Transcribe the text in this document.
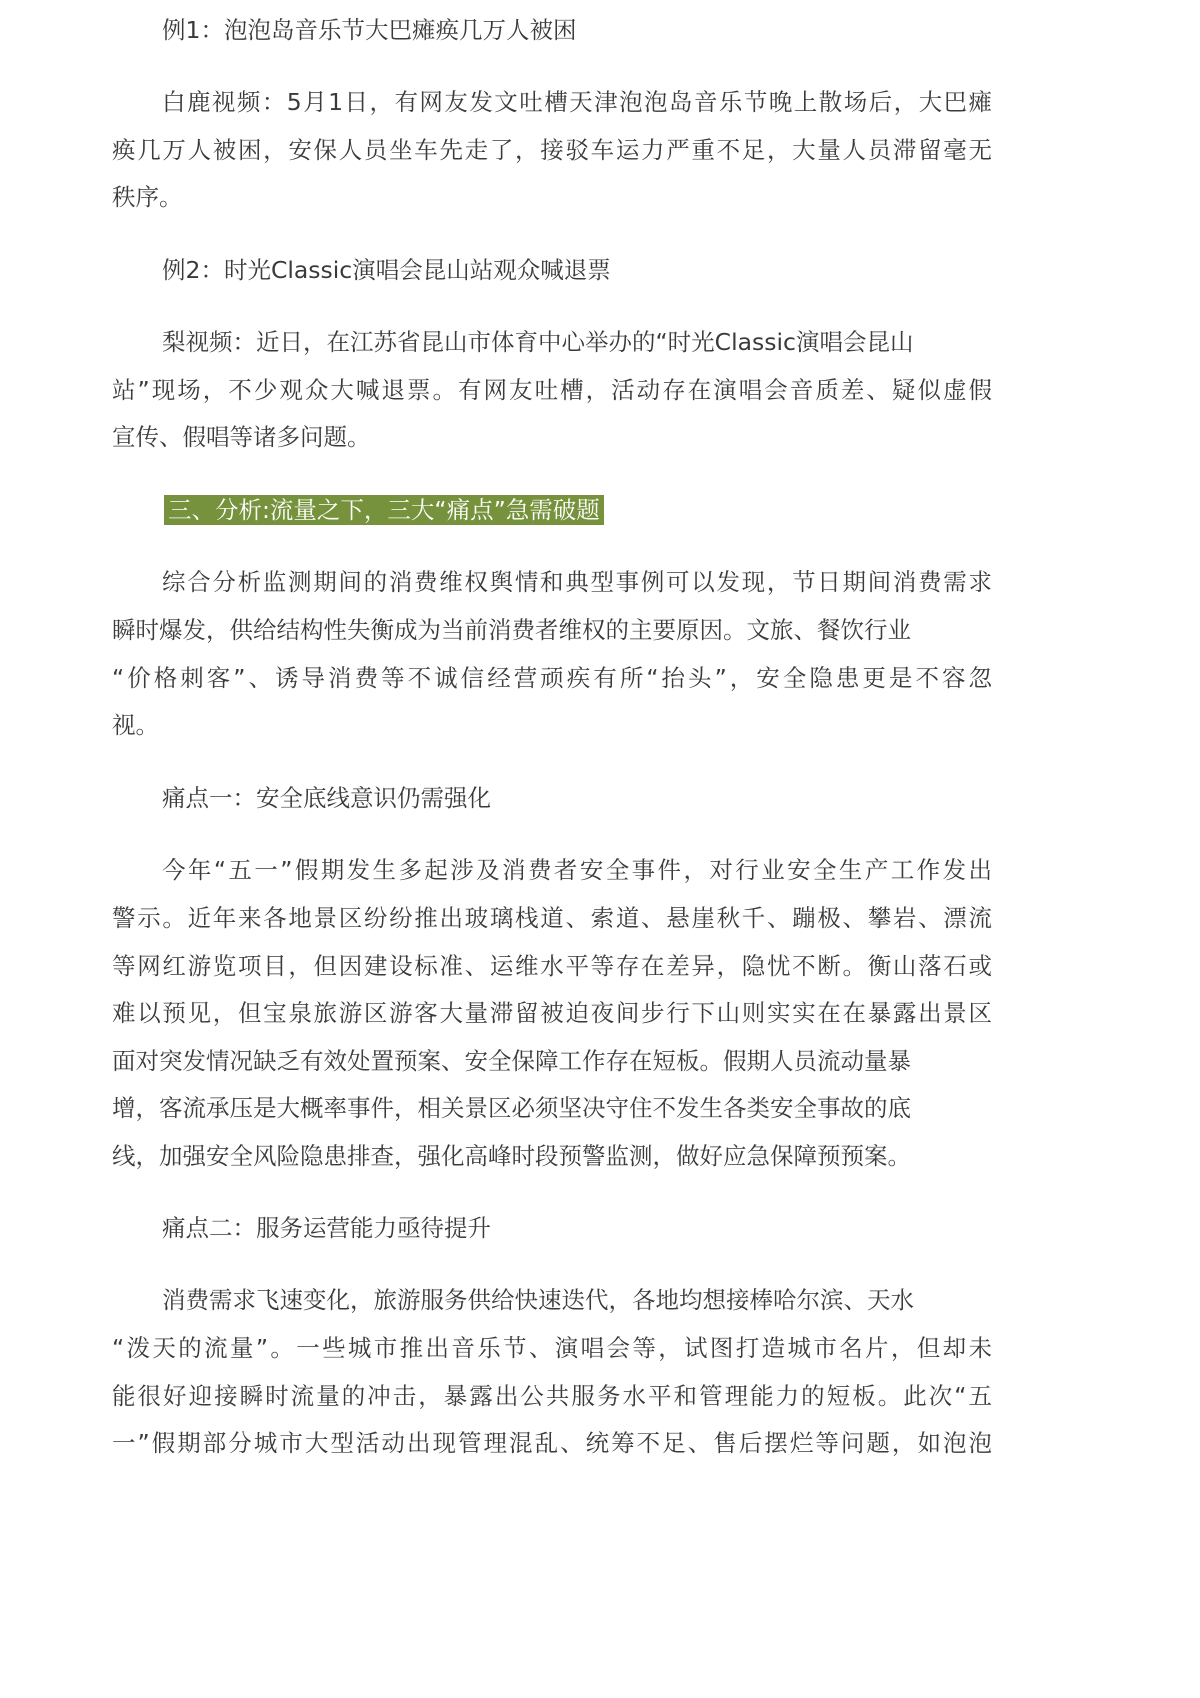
例1：泡泡岛音乐节大巴瘫痪几万人被困
白鹿视频：5月1日，有网友发文吐槽天津泡泡岛音乐节晚上散场后，大巴瘫
痪几万人被困，安保人员坐车先走了，接驳车运力严重不足，大量人员滞留毫无
秩序。
例2：时光Classic演唱会昆山站观众喊退票
梨视频：近日，在江苏省昆山市体育中心举办的“时光Classic演唱会昆山
站”现场，不少观众大喊退票。有网友吐槽，活动存在演唱会音质差、疑似虚假
宣传、假唱等诸多问题。
三、分析:流量之下，三大“痛点”急需破题
综合分析监测期间的消费维权舆情和典型事例可以发现，节日期间消费需求
瞬时爆发，供给结构性失衡成为当前消费者维权的主要原因。文旅、餐饮行业
“价格刺客”、诱导消费等不诚信经营顽疾有所“抬头”，安全隐患更是不容忽
视。
痛点一：安全底线意识仍需强化
今年“五一”假期发生多起涉及消费者安全事件，对行业安全生产工作发出
警示。近年来各地景区纷纷推出玻璃栈道、索道、悬崖秋千、蹦极、攀岩、漂流
等网红游览项目，但因建设标准、运维水平等存在差异，隐忧不断。衡山落石或
难以预见，但宝泉旅游区游客大量滞留被迫夜间步行下山则实实在在暴露出景区
面对突发情况缺乏有效处置预案、安全保障工作存在短板。假期人员流动量暴
增，客流承压是大概率事件，相关景区必须坚决守住不发生各类安全事故的底
线，加强安全风险隐患排查，强化高峰时段预警监测，做好应急保障预预案。
痛点二：服务运营能力亟待提升
消费需求飞速变化，旅游服务供给快速迭代，各地均想接棒哈尔滨、天水
“泼天的流量”。一些城市推出音乐节、演唱会等，试图打造城市名片，但却未
能很好迎接瞬时流量的冲击，暴露出公共服务水平和管理能力的短板。此次“五
一”假期部分城市大型活动出现管理混乱、统筹不足、售后摆烂等问题，如泡泡
